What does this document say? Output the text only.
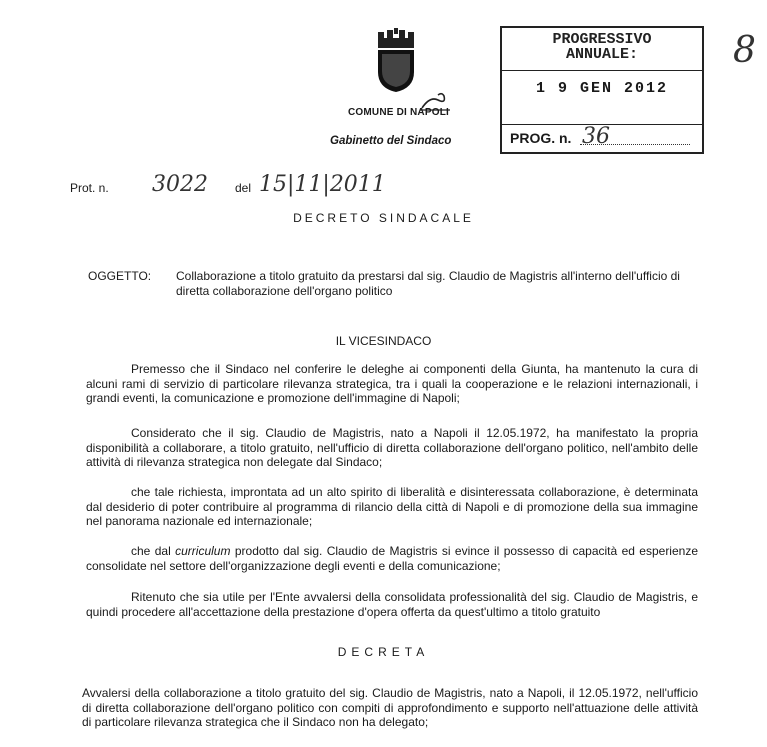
COMUNE DI NAPOLI
Gabinetto del Sindaco
PROGRESSIVO
ANNUALE:
1 9 GEN 2012
PROG. n. 36
8
Prot. n. 3022 del 15|11|2011
DECRETO SINDACALE
OGGETTO: Collaborazione a titolo gratuito da prestarsi dal sig. Claudio de Magistris all'interno dell'ufficio di diretta collaborazione dell'organo politico
IL VICESINDACO
Premesso che il Sindaco nel conferire le deleghe ai componenti della Giunta, ha mantenuto la cura di alcuni rami di servizio di particolare rilevanza strategica, tra i quali la cooperazione e le relazioni internazionali, i grandi eventi, la comunicazione e promozione dell'immagine di Napoli;
Considerato che il sig. Claudio de Magistris, nato a Napoli il 12.05.1972, ha manifestato la propria disponibilità a collaborare, a titolo gratuito, nell'ufficio di diretta collaborazione dell'organo politico, nell'ambito delle attività di rilevanza strategica non delegate dal Sindaco;
che tale richiesta, improntata ad un alto spirito di liberalità e disinteressata collaborazione, è determinata dal desiderio di poter contribuire al programma di rilancio della città di Napoli e di promozione della sua immagine nel panorama nazionale ed internazionale;
che dal curriculum prodotto dal sig. Claudio de Magistris si evince il possesso di capacità ed esperienze consolidate nel settore dell'organizzazione degli eventi e della comunicazione;
Ritenuto che sia utile per l'Ente avvalersi della consolidata professionalità del sig. Claudio de Magistris, e quindi procedere all'accettazione della prestazione d'opera offerta da quest'ultimo a titolo gratuito
DECRETA
Avvalersi della collaborazione a titolo gratuito del sig. Claudio de Magistris, nato a Napoli, il 12.05.1972, nell'ufficio di diretta collaborazione dell'organo politico con compiti di approfondimento e supporto nell'attuazione delle attività di particolare rilevanza strategica che il Sindaco non ha delegato;
